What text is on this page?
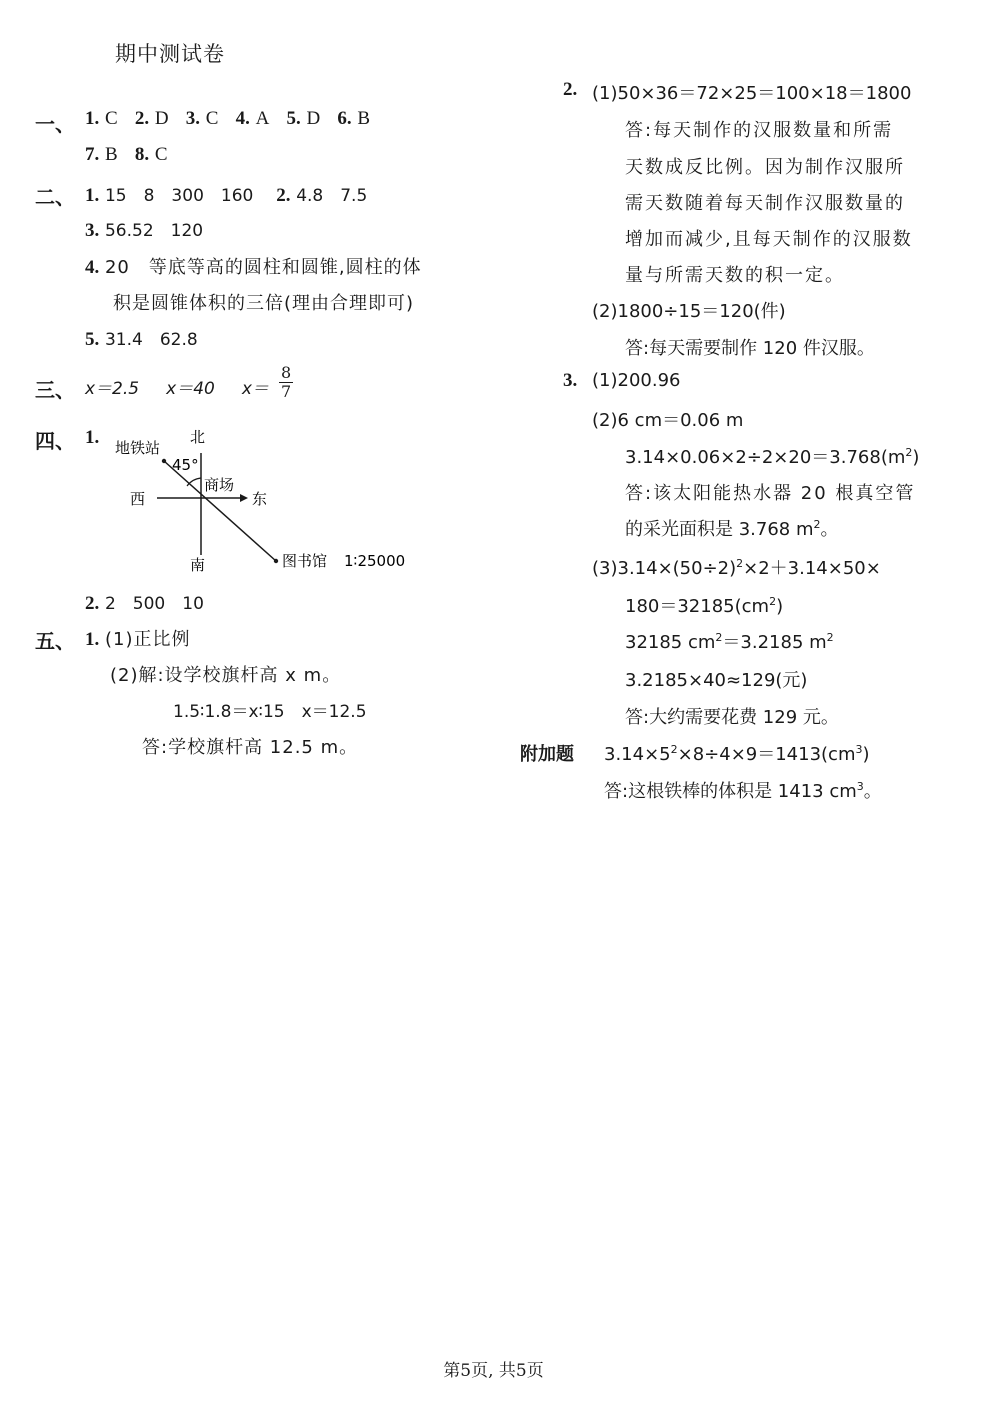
期中测试卷
一、 1. C 2. D 3. C 4. A 5. D 6. B
7. B 8. C
二、 1. 15　8　300　160 2. 4.8　7.5
3. 56.52　120
4. 20　等底等高的圆柱和圆锥,圆柱的体
积是圆锥体积的三倍(理由合理即可)
5. 31.4　62.8
三、 x＝2.5 x＝40 $x= \frac{8}{7}$
四、 1.	北
南
东
西
地铁站
45°
商场
图书馆 1∶25000
2. 2　500　10
五、 1. (1)正比例
(2)解:设学校旗杆高 x m。
1.5∶1.8＝x∶15　x＝12.5
答:学校旗杆高 12.5 m。
2. (1)50×36＝72×25＝100×18＝1800
答:每天制作的汉服数量和所需
天数成反比例。因为制作汉服所
需天数随着每天制作汉服数量的
增加而减少,且每天制作的汉服数
量与所需天数的积一定。
(2)1800÷15＝120(件)
答:每天需要制作 120 件汉服。
3. (1)200.96
(2)6 cm＝0.06 m
$3.14\times 0.06\times 2\div 2\times 20=3.768(m^2)$
答:该太阳能热水器 20 根真空管
的采光面积是 3.768 $m^2$。
$(3)3.14\times(50\div 2)^2\times 2+3.14\times 50\times$
$180=32185(cm^2)$
32185 $cm^2=3.2185$ $m^2$
3.2185×40≈129(元)
答:大约需要花费 129 元。
附加题 $3.14\times 5^2\times 8\div 4\times 9=1413(cm^3)$
答:这根铁棒的体积是 1413 $cm^3$。
第5页, 共5页
